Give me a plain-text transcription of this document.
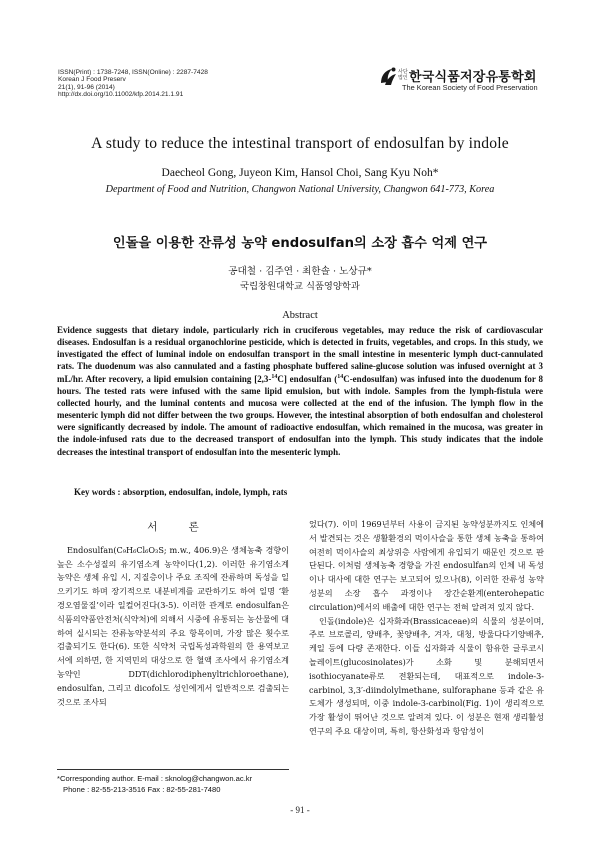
ISSN(Print) : 1738-7248, ISSN(Online) : 2287-7428
Korean J Food Preserv
21(1), 91-96 (2014)
http://dx.doi.org/10.11002/kfp.2014.21.1.91
사단법인 한국식품저장유통학회
The Korean Society of Food Preservation
A study to reduce the intestinal transport of endosulfan by indole
Daecheol Gong, Juyeon Kim, Hansol Choi, Sang Kyu Noh*
Department of Food and Nutrition, Changwon National University, Changwon 641-773, Korea
인돌을 이용한 잔류성 농약 endosulfan의 소장 흡수 억제 연구
공대철 · 김주연 · 최한솔 · 노상규*
국립창원대학교 식품영양학과
Abstract
Evidence suggests that dietary indole, particularly rich in cruciferous vegetables, may reduce the risk of cardiovascular diseases. Endosulfan is a residual organochlorine pesticide, which is detected in fruits, vegetables, and crops. In this study, we investigated the effect of luminal indole on endosulfan transport in the small intestine in mesenteric lymph duct-cannulated rats. The duodenum was also cannulated and a fasting phosphate buffered saline-glucose solution was infused overnight at 3 mL/hr. After recovery, a lipid emulsion containing [2,3-$^{14}$C] endosulfan ($^{14}$C-endosulfan) was infused into the duodenum for 8 hours. The tested rats were infused with the same lipid emulsion, but with indole. Samples from the lymph-fistula were collected hourly, and the luminal contents and mucosa were collected at the end of the infusion. The lymph flow in the mesenteric lymph did not differ between the two groups. However, the intestinal absorption of both endosulfan and cholesterol were significantly decreased by indole. The amount of radioactive endosulfan, which remained in the mucosa, was greater in the indole-infused rats due to the decreased transport of endosulfan into the lymph. This study indicates that the indole decreases the intestinal transport of endosulfan into the mesenteric lymph.
Key words : absorption, endosulfan, indole, lymph, rats
서 론

Endosulfan(C₉H₆Cl₆O₃S; m.w., 406.9)은 생체농축 경향이 높은 소수성질의 유기염소계 농약이다(1,2). 이러한 유기염소계 농약은 생체 유입 시, 지질층이나 주요 조직에 잔류하며 독성을 일으키기도 하며 장기적으로 내분비계를 교란하기도 하여 일명 ‘환경오염물질’이라 일컬어진다(3-5). 이러한 관계로 endosulfan은 식품의약품안전처(식약처)에 의해서 시중에 유통되는 농산물에 대하여 실시되는 잔류농약분석의 주요 항목이며, 가장 많은 횟수로 검출되기도 한다(6). 또한 식약처 국립독성과학원의 한 용역보고서에 의하면, 한 지역민의 대상으로 한 혈액 조사에서 유기염소계 농약인 DDT(dichlorodiphenyltrichloroethane), endosulfan, 그리고 dicofol도 성인에게서 일반적으로 검출되는 것으로 조사되

었다(7). 이미 1969년부터 사용이 금지된 농약성분까지도 인체에서 발견되는 것은 생활환경의 먹이사슬을 통한 생체 농축을 통하여 여전히 먹이사슬의 최상위층 사람에게 유입되기 때문인 것으로 판단된다. 이처럼 생체농축 경향을 가진 endosulfan의 인체 내 독성이나 대사에 대한 연구는 보고되어 있으나(8), 이러한 잔류성 농약성분의 소장 흡수 과정이나 장간순환계(enterohepatic circulation)에서의 배출에 대한 연구는 전혀 알려져 있지 않다.

인돌(indole)은 십자화과(Brassicaceae)의 식물의 성분이며, 주로 브로콜리, 양배추, 꽃양배추, 겨자, 대청, 방울다다기양배추, 케일 등에 다량 존재한다. 이들 십자화과 식물이 함유한 글루코시놀레이트(glucosinolates)가 소화 및 분해되면서 isothiocyanate류로 전환되는데, 대표적으로 indole-3-carbinol, 3,3′-diindolylmethane, sulforaphane 등과 같은 유도체가 생성되며, 이중 indole-3-carbinol(Fig. 1)이 생리적으로 가장 활성이 뛰어난 것으로 알려져 있다. 이 성분은 현재 생리활성 연구의 주요 대상이며, 특히, 항산화성과 항암성이

*Corresponding author. E-mail : sknolog@changwon.ac.kr
Phone : 82-55-213-3516 Fax : 82-55-281-7480
- 91 -
